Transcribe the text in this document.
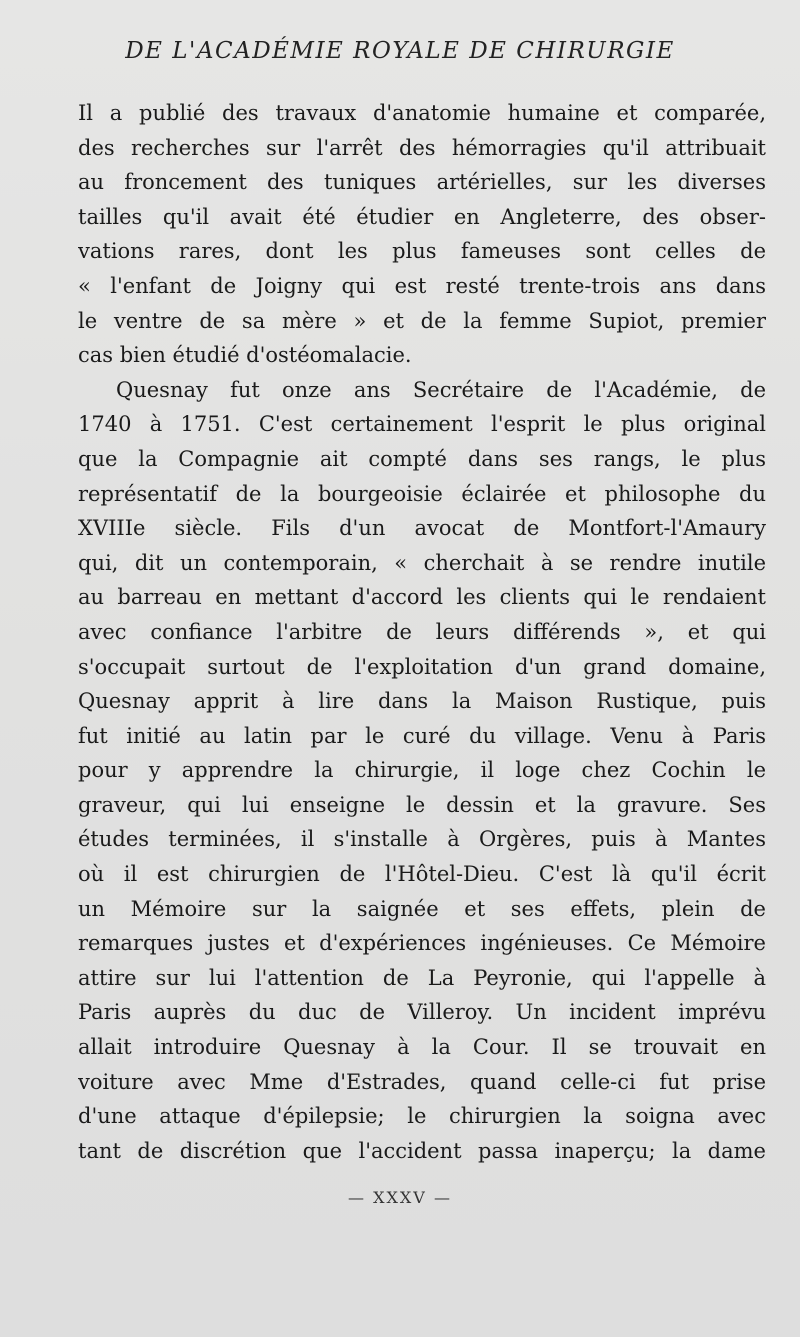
DE L'ACADÉMIE ROYALE DE CHIRURGIE
Il a publié des travaux d'anatomie humaine et comparée,
des recherches sur l'arrêt des hémorragies qu'il attribuait
au froncement des tuniques artérielles, sur les diverses
tailles qu'il avait été étudier en Angleterre, des obser-
vations rares, dont les plus fameuses sont celles de
« l'enfant de Joigny qui est resté trente-trois ans dans
le ventre de sa mère » et de la femme Supiot, premier
cas bien étudié d'ostéomalacie.
Quesnay fut onze ans Secrétaire de l'Académie, de
1740 à 1751. C'est certainement l'esprit le plus original
que la Compagnie ait compté dans ses rangs, le plus
représentatif de la bourgeoisie éclairée et philosophe du
XVIIIe siècle. Fils d'un avocat de Montfort-l'Amaury
qui, dit un contemporain, « cherchait à se rendre inutile
au barreau en mettant d'accord les clients qui le rendaient
avec confiance l'arbitre de leurs différends », et qui
s'occupait surtout de l'exploitation d'un grand domaine,
Quesnay apprit à lire dans la Maison Rustique, puis
fut initié au latin par le curé du village. Venu à Paris
pour y apprendre la chirurgie, il loge chez Cochin le
graveur, qui lui enseigne le dessin et la gravure. Ses
études terminées, il s'installe à Orgères, puis à Mantes
où il est chirurgien de l'Hôtel-Dieu. C'est là qu'il écrit
un Mémoire sur la saignée et ses effets, plein de
remarques justes et d'expériences ingénieuses. Ce Mémoire
attire sur lui l'attention de La Peyronie, qui l'appelle à
Paris auprès du duc de Villeroy. Un incident imprévu
allait introduire Quesnay à la Cour. Il se trouvait en
voiture avec Mme d'Estrades, quand celle-ci fut prise
d'une attaque d'épilepsie; le chirurgien la soigna avec
tant de discrétion que l'accident passa inaperçu; la dame
— XXXV —
